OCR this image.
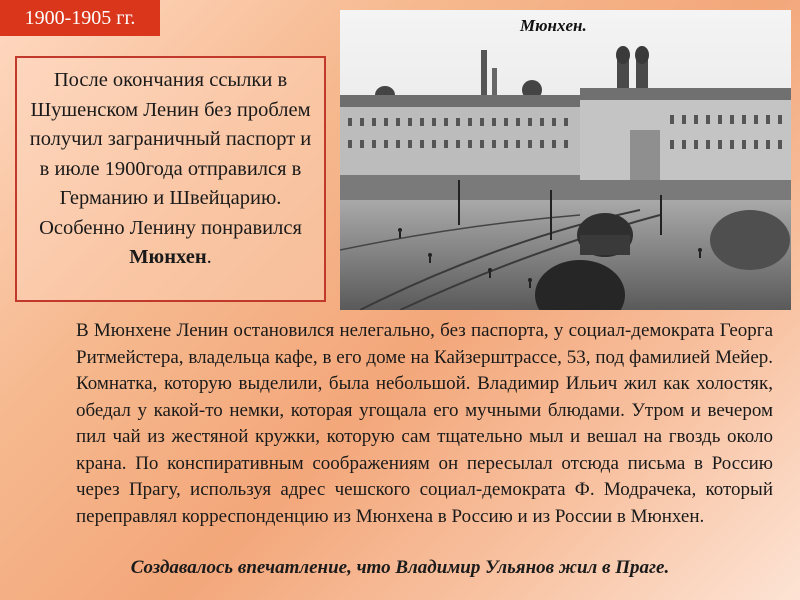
1900-1905 гг.
После окончания ссылки в Шушенском Ленин без проблем получил заграничный паспорт и в июле 1900года отправился в Германию и Швейцарию. Особенно Ленину понравился Мюнхен.
Мюнхен.
В Мюнхене Ленин остановился нелегально, без паспорта, у социал-демократа Георга Ритмейстера, владельца кафе, в его доме на Кайзерштрассе, 53, под фамилией Мейер. Комнатка, которую выделили, была небольшой. Владимир Ильич жил как холостяк, обедал у какой-то немки, которая угощала его мучными блюдами. Утром и вечером пил чай из жестяной кружки, которую сам тщательно мыл и вешал на гвоздь около крана. По конспиративным соображениям он пересылал отсюда письма в Россию через Прагу, используя адрес чешского социал-демократа Ф. Модрачека, который переправлял корреспонденцию из Мюнхена в Россию и из России в Мюнхен.
Создавалось впечатление, что Владимир Ульянов жил в Праге.
